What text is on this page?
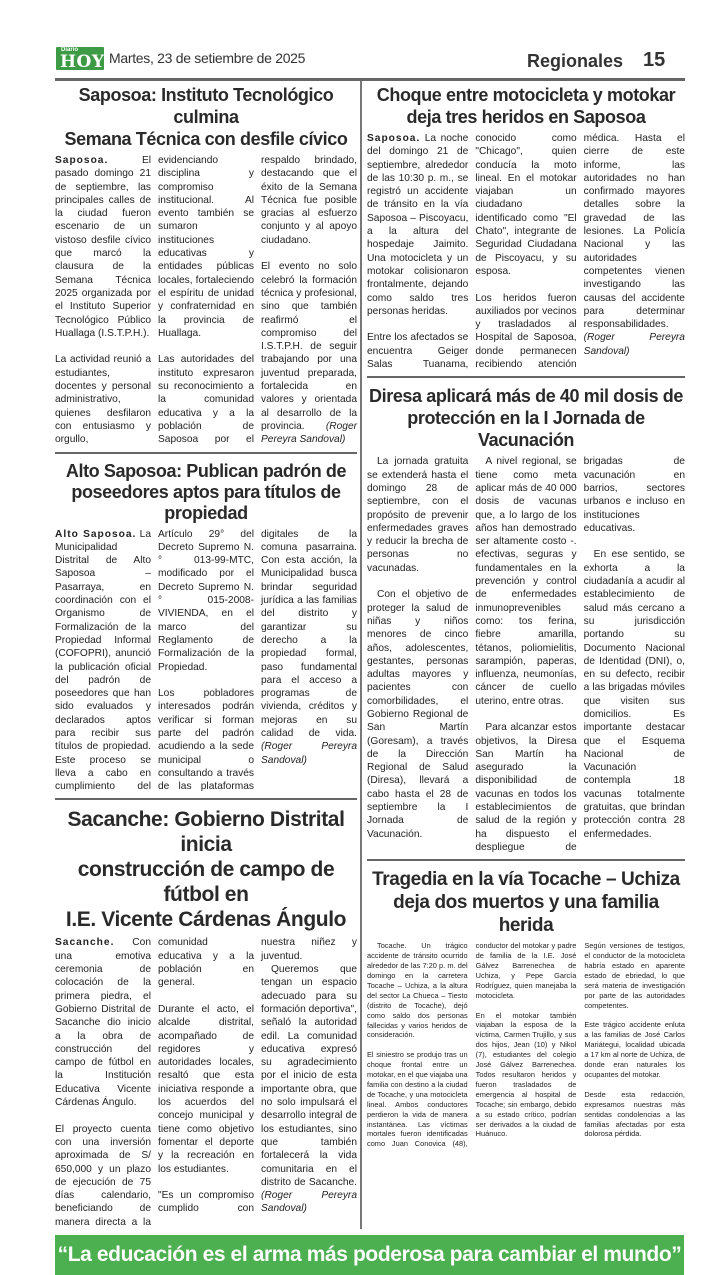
Diario
HOY Martes, 23 de setiembre de 2025	Regionales 15
Saposoa: Instituto Tecnológico culmina
Semana Técnica con desfile cívico

Saposoa. El pasado domingo 21 de septiembre, las principales calles de la ciudad fueron escenario de un vistoso desfile cívico que marcó la clausura de la Semana Técnica 2025 organizada por el Instituto Superior Tecnológico Público Huallaga (I.S.T.P.H.).

La actividad reunió a estudiantes, docentes y personal administrativo, quienes desfilaron con entusiasmo y orgullo, evidenciando disciplina y compromiso institucional. Al evento también se sumaron instituciones educativas y entidades públicas locales, fortaleciendo el espíritu de unidad y confraternidad en la provincia de Huallaga.

Las autoridades del instituto expresaron su reconocimiento a la comunidad educativa y a la población de Saposoa por el respaldo brindado, destacando que el éxito de la Semana Técnica fue posible gracias al esfuerzo conjunto y al apoyo ciudadano.

El evento no solo celebró la formación técnica y profesional, sino que también reafirmó el compromiso del I.S.T.P.H. de seguir trabajando por una juventud preparada, fortalecida en valores y orientada al desarrollo de la provincia. (Roger Pereyra Sandoval)

Alto Saposoa: Publican padrón de
poseedores aptos para títulos de propiedad

Alto Saposoa. La Municipalidad Distrital de Alto Saposoa – Pasarraya, en coordinación con el Organismo de Formalización de la Propiedad Informal (COFOPRI), anunció la publicación oficial del padrón de poseedores que han sido evaluados y declarados aptos para recibir sus títulos de propiedad. Este proceso se lleva a cabo en cumplimiento del Artículo 29° del Decreto Supremo N.° 013-99-MTC, modificado por el Decreto Supremo N.° 015-2008-VIVIENDA, en el marco del Reglamento de Formalización de la Propiedad.

Los pobladores interesados podrán verificar si forman parte del padrón acudiendo a la sede municipal o consultando a través de las plataformas digitales de la comuna pasarraina. Con esta acción, la Municipalidad busca brindar seguridad jurídica a las familias del distrito y garantizar su derecho a la propiedad formal, paso fundamental para el acceso a programas de vivienda, créditos y mejoras en su calidad de vida. (Roger Pereyra Sandoval)

Sacanche: Gobierno Distrital inicia
construcción de campo de fútbol en
I.E. Vicente Cárdenas Ángulo

Sacanche. Con una emotiva ceremonia de colocación de la primera piedra, el Gobierno Distrital de Sacanche dio inicio a la obra de construcción del campo de fútbol en la Institución Educativa Vicente Cárdenas Ángulo.

El proyecto cuenta con una inversión aproximada de S/ 650,000 y un plazo de ejecución de 75 días calendario, beneficiando de manera directa a la comunidad educativa y a la población en general.

Durante el acto, el alcalde distrital, acompañado de regidores y autoridades locales, resaltó que esta iniciativa responde a los acuerdos del concejo municipal y tiene como objetivo fomentar el deporte y la recreación en los estudiantes.

"Es un compromiso cumplido con nuestra niñez y juventud.

Queremos que tengan un espacio adecuado para su formación deportiva", señaló la autoridad edil. La comunidad educativa expresó su agradecimiento por el inicio de esta importante obra, que no solo impulsará el desarrollo integral de los estudiantes, sino que también fortalecerá la vida comunitaria en el distrito de Sacanche. (Roger Pereyra Sandoval)

Choque entre motocicleta y motokar
deja tres heridos en Saposoa

Saposoa. La noche del domingo 21 de septiembre, alrededor de las 10:30 p. m., se registró un accidente de tránsito en la vía Saposoa – Piscoyacu, a la altura del hospedaje Jaimito. Una motocicleta y un motokar colisionaron frontalmente, dejando como saldo tres personas heridas.

Entre los afectados se encuentra Geiger Salas Tuanama, conocido como "Chicago", quien conducía la moto lineal. En el motokar viajaban un ciudadano identificado como "El Chato", integrante de Seguridad Ciudadana de Piscoyacu, y su esposa.

Los heridos fueron auxiliados por vecinos y trasladados al Hospital de Saposoa, donde permanecen recibiendo atención médica. Hasta el cierre de este informe, las autoridades no han confirmado mayores detalles sobre la gravedad de las lesiones. La Policía Nacional y las autoridades competentes vienen investigando las causas del accidente para determinar responsabilidades. (Roger Pereyra Sandoval)

Diresa aplicará más de 40 mil dosis de
protección en la I Jornada de Vacunación

La jornada gratuita se extenderá hasta el domingo 28 de septiembre, con el propósito de prevenir enfermedades graves y reducir la brecha de personas no vacunadas.

Con el objetivo de proteger la salud de niñas y niños menores de cinco años, adolescentes, gestantes, personas adultas mayores y pacientes con comorbilidades, el Gobierno Regional de San Martín (Goresam), a través de la Dirección Regional de Salud (Diresa), llevará a cabo hasta el 28 de septiembre la I Jornada de Vacunación.

A nivel regional, se tiene como meta aplicar más de 40 000 dosis de vacunas que, a lo largo de los años han demostrado ser altamente costo -. efectivas, seguras y fundamentales en la prevención y control de enfermedades inmunoprevenibles como: tos ferina, fiebre amarilla, tétanos, poliomielitis, sarampión, paperas, influenza, neumonías, cáncer de cuello uterino, entre otras.

Para alcanzar estos objetivos, la Diresa San Martín ha asegurado la disponibilidad de vacunas en todos los establecimientos de salud de la región y ha dispuesto el despliegue de brigadas de vacunación en barrios, sectores urbanos e incluso en instituciones educativas.

En ese sentido, se exhorta a la ciudadanía a acudir al establecimiento de salud más cercano a su jurisdicción portando su Documento Nacional de Identidad (DNI), o, en su defecto, recibir a las brigadas móviles que visiten sus domicilios. Es importante destacar que el Esquema Nacional de Vacunación contempla 18 vacunas totalmente gratuitas, que brindan protección contra 28 enfermedades.

Tragedia en la vía Tocache – Uchiza
deja dos muertos y una familia herida

Tocache. Un trágico accidente de tránsito ocurrido alrededor de las 7:20 p. m. del domingo en la carretera Tocache – Uchiza, a la altura del sector La Chueca – Tiesto (distrito de Tocache), dejó como saldo dos personas fallecidas y varios heridos de consideración.

El siniestro se produjo tras un choque frontal entre un motokar, en el que viajaba una familia con destino a la ciudad de Tocache, y una motocicleta lineal. Ambos conductores perdieron la vida de manera instantánea. Las víctimas mortales fueron identificadas como Juan Conovica (48), conductor del motokar y padre de familia de la I.E. José Gálvez Barrenechea de Uchiza, y Pepe García Rodríguez, quien manejaba la motocicleta.

En el motokar también viajaban la esposa de la víctima, Carmen Trujillo, y sus dos hijos, Jean (10) y Nikol (7), estudiantes del colegio José Gálvez Barrenechea. Todos resultaron heridos y fueron trasladados de emergencia al hospital de Tocache; sin embargo, debido a su estado crítico, podrían ser derivados a la ciudad de Huánuco.

Según versiones de testigos, el conductor de la motocicleta habría estado en aparente estado de ebriedad, lo que será materia de investigación por parte de las autoridades competentes.

Este trágico accidente enluta a las familias de José Carlos Mariátegui, localidad ubicada a 17 km al norte de Uchiza, de donde eran naturales los ocupantes del motokar.

Desde esta redacción, expresamos nuestras más sentidas condolencias a las familias afectadas por esta dolorosa pérdida.

“La educación es el arma más poderosa para cambiar el mundo”
